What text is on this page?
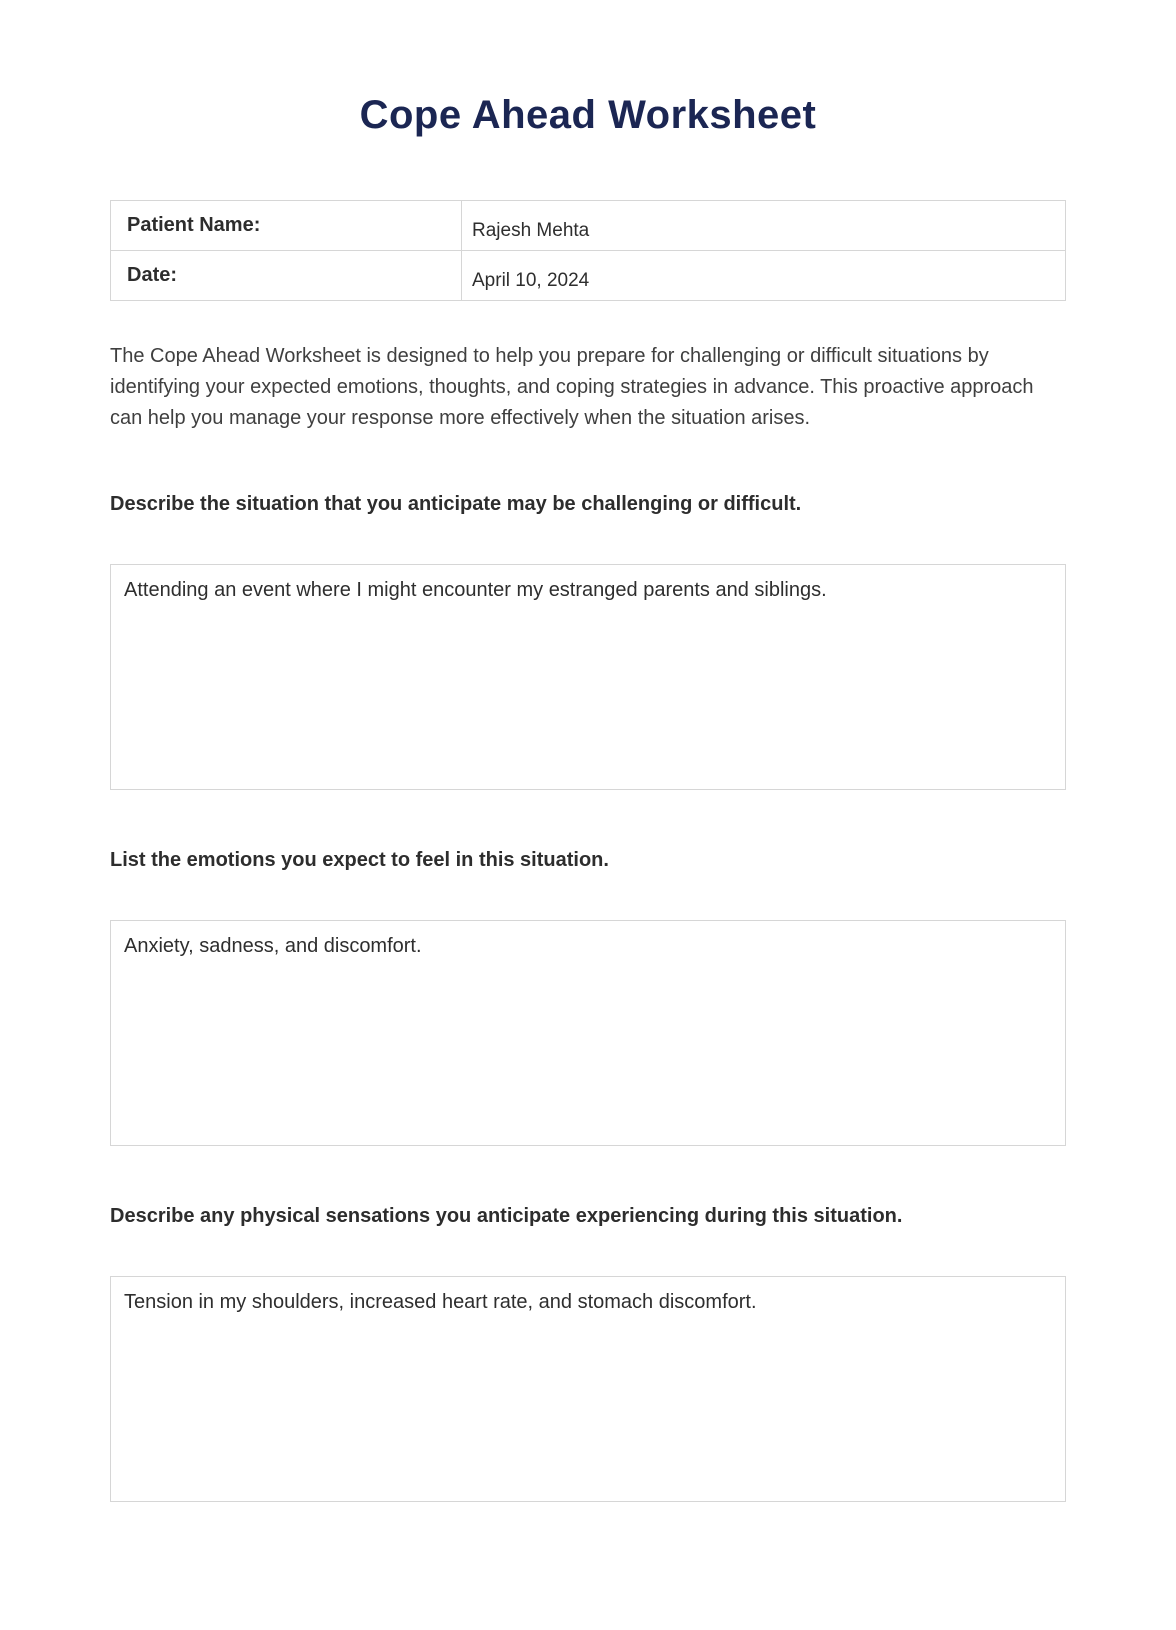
Cope Ahead Worksheet
Patient Name:	Rajesh Mehta
Date:	April 10, 2024

The Cope Ahead Worksheet is designed to help you prepare for challenging or difficult situations by identifying your expected emotions, thoughts, and coping strategies in advance. This proactive approach can help you manage your response more effectively when the situation arises.

Describe the situation that you anticipate may be challenging or difficult.
Attending an event where I might encounter my estranged parents and siblings.
List the emotions you expect to feel in this situation.
Anxiety, sadness, and discomfort.
Describe any physical sensations you anticipate experiencing during this situation.
Tension in my shoulders, increased heart rate, and stomach discomfort.
